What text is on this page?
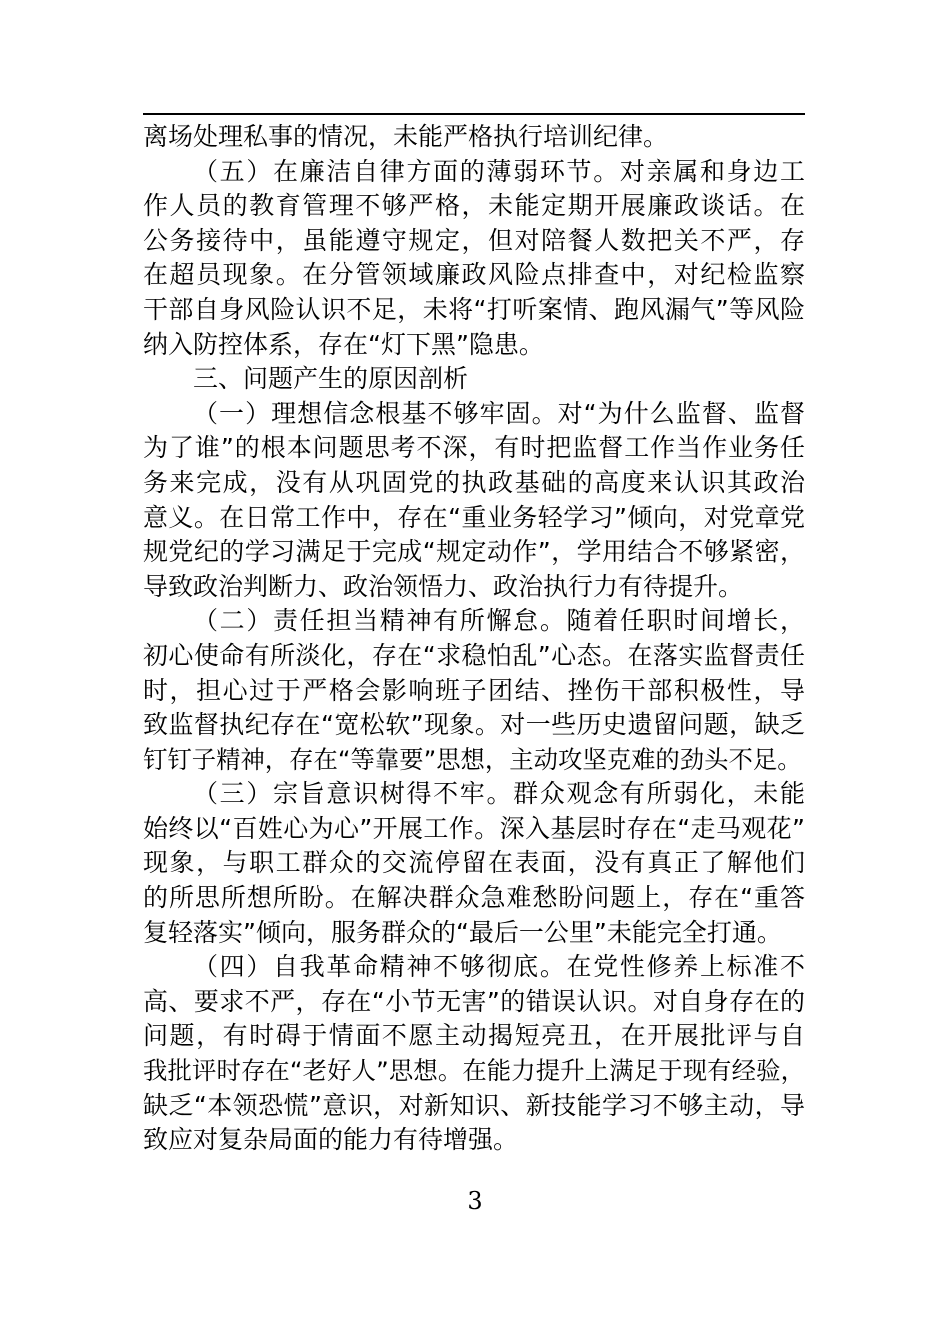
离场处理私事的情况，未能严格执行培训纪律。
（五）在廉洁自律方面的薄弱环节。对亲属和身边工
作人员的教育管理不够严格，未能定期开展廉政谈话。在
公务接待中，虽能遵守规定，但对陪餐人数把关不严，存
在超员现象。在分管领域廉政风险点排查中，对纪检监察
干部自身风险认识不足，未将“打听案情、跑风漏气”等风险
纳入防控体系，存在“灯下黑”隐患。
三、问题产生的原因剖析
（一）理想信念根基不够牢固。对“为什么监督、监督
为了谁”的根本问题思考不深，有时把监督工作当作业务任
务来完成，没有从巩固党的执政基础的高度来认识其政治
意义。在日常工作中，存在“重业务轻学习”倾向，对党章党
规党纪的学习满足于完成“规定动作”，学用结合不够紧密，
导致政治判断力、政治领悟力、政治执行力有待提升。
（二）责任担当精神有所懈怠。随着任职时间增长，
初心使命有所淡化，存在“求稳怕乱”心态。在落实监督责任
时，担心过于严格会影响班子团结、挫伤干部积极性，导
致监督执纪存在“宽松软”现象。对一些历史遗留问题，缺乏
钉钉子精神，存在“等靠要”思想，主动攻坚克难的劲头不足。
（三）宗旨意识树得不牢。群众观念有所弱化，未能
始终以“百姓心为心”开展工作。深入基层时存在“走马观花”
现象，与职工群众的交流停留在表面，没有真正了解他们
的所思所想所盼。在解决群众急难愁盼问题上，存在“重答
复轻落实”倾向，服务群众的“最后一公里”未能完全打通。
（四）自我革命精神不够彻底。在党性修养上标准不
高、要求不严，存在“小节无害”的错误认识。对自身存在的
问题，有时碍于情面不愿主动揭短亮丑，在开展批评与自
我批评时存在“老好人”思想。在能力提升上满足于现有经验，
缺乏“本领恐慌”意识，对新知识、新技能学习不够主动，导
致应对复杂局面的能力有待增强。
3
